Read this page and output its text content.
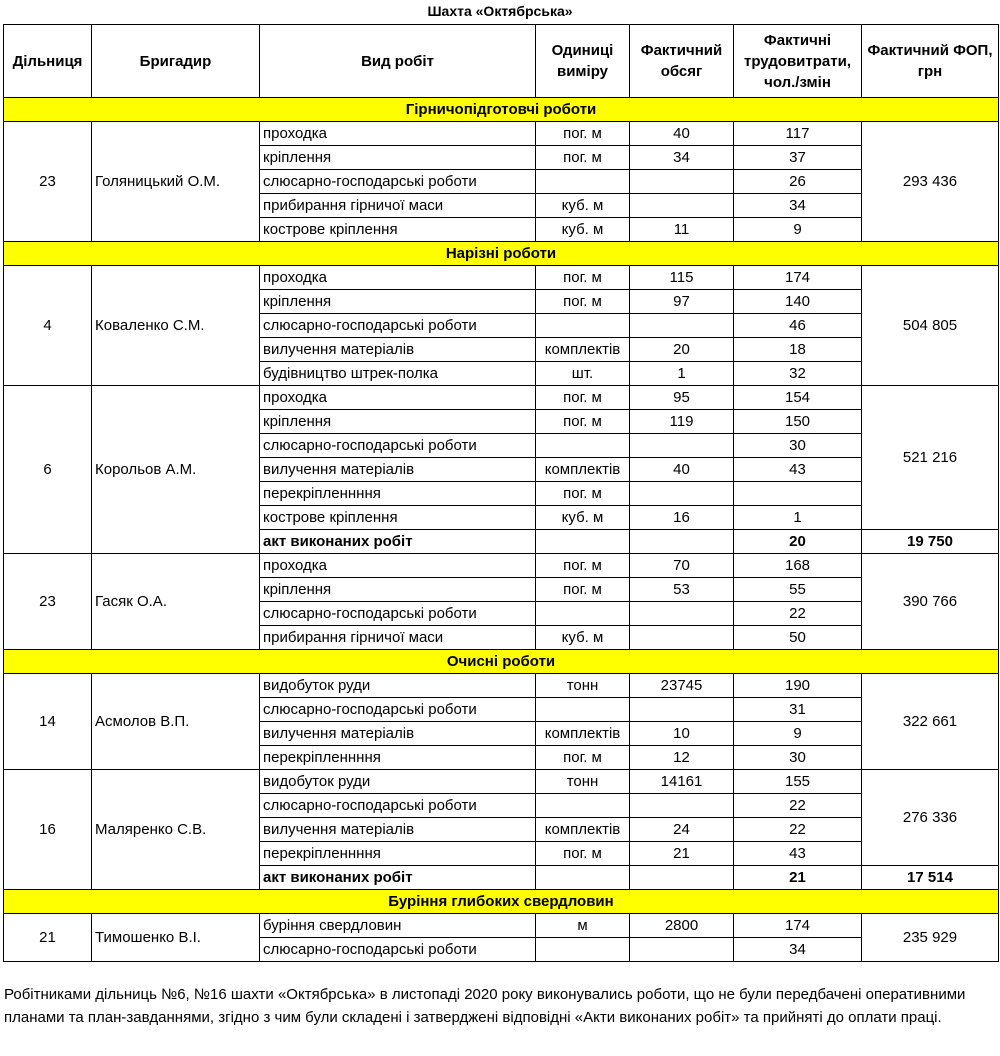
Шахта «Октябрська»
Дільниця	Бригадир	Вид робіт	Одиниці виміру	Фактичний обсяг	Фактичні трудовитрати, чол./змін	Фактичний ФОП, грн
Гірничопідготовчі роботи						
23	Голяницький О.М.	проходка	пог. м	40	117	293 436
		кріплення	пог. м	34	37	
		слюсарно-господарські роботи			26	
		прибирання гірничої маси	куб. м		34	
		кострове кріплення	куб. м	11	9	
Нарізні роботи						
4	Коваленко С.М.	проходка	пог. м	115	174	504 805
		кріплення	пог. м	97	140	
		слюсарно-господарські роботи			46	
		вилучення матеріалів	комплектів	20	18	
		будівництво штрек-полка	шт.	1	32	
6	Корольов А.М.	проходка	пог. м	95	154	521 216
		кріплення	пог. м	119	150	
		слюсарно-господарські роботи			30	
		вилучення матеріалів	комплектів	40	43	
		перекріпленнння	пог. м			
		кострове кріплення	куб. м	16	1	
		акт виконаних робіт			20	19 750
23	Гасяк О.А.	проходка	пог. м	70	168	390 766
		кріплення	пог. м	53	55	
		слюсарно-господарські роботи			22	
		прибирання гірничої маси	куб. м		50	
Очисні роботи						
14	Асмолов В.П.	видобуток руди	тонн	23745	190	322 661
		слюсарно-господарські роботи			31	
		вилучення матеріалів	комплектів	10	9	
		перекріпленнння	пог. м	12	30	
16	Маляренко С.В.	видобуток руди	тонн	14161	155	276 336
		слюсарно-господарські роботи			22	
		вилучення матеріалів	комплектів	24	22	
		перекріпленнння	пог. м	21	43	
		акт виконаних робіт			21	17 514
Буріння глибоких свердловин						
21	Тимошенко В.І.	буріння свердловин	м	2800	174	235 929
		слюсарно-господарські роботи			34	
Робітниками дільниць №6, №16 шахти «Октябрська» в листопаді 2020 року виконувались роботи, що не були передбачені оперативними планами та план-завданнями, згідно з чим були складені і затверджені відповідні «Акти виконаних робіт» та прийняті до оплати праці.
